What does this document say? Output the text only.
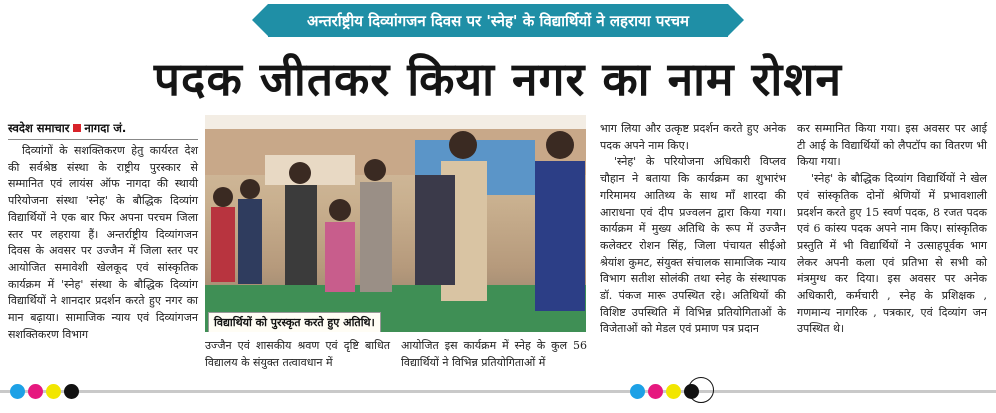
अन्तर्राष्ट्रीय दिव्यांगजन दिवस पर 'स्नेह' के विद्यार्थियों ने लहराया परचम
पदक जीतकर किया नगर का नाम रोशन
स्वदेश समाचार नागदा जं.

दिव्यांगों के सशक्तिकरण हेतु कार्यरत देश की सर्वश्रेष्ठ संस्था के राष्ट्रीय पुरस्कार से सम्मानित एवं लायंस ऑफ नागदा की स्थायी परियोजना संस्था 'स्नेह' के बौद्धिक दिव्यांग विद्यार्थियों ने एक बार फिर अपना परचम जिला स्तर पर लहराया हैं। अन्तर्राष्ट्रीय दिव्यांगजन दिवस के अवसर पर उज्जैन में जिला स्तर पर आयोजित समावेशी खेलकूद एवं सांस्कृतिक कार्यक्रम में 'स्नेह' संस्था के बौद्धिक दिव्यांग विद्यार्थियों ने शानदार प्रदर्शन करते हुए नगर का मान बढ़ाया। सामाजिक न्याय एवं दिव्यांगजन सशक्तिकरण विभाग

विद्यार्थियों को पुरस्कृत करते हुए अतिथि।

उज्जैन एवं शासकीय श्रवण एवं दृष्टि बाधित विद्यालय के संयुक्त तत्वावधान में

आयोजित इस कार्यक्रम में स्नेह के कुल 56 विद्यार्थियों ने विभिन्न प्रतियोगिताओं में

भाग लिया और उत्कृष्ट प्रदर्शन करते हुए अनेक पदक अपने नाम किए।

'स्नेह' के परियोजना अधिकारी विप्लव चौहान ने बताया कि कार्यक्रम का शुभारंभ गरिमामय आतिथ्य के साथ माँ शारदा की आराधना एवं दीप प्रज्वलन द्वारा किया गया। कार्यक्रम में मुख्य अतिथि के रूप में उज्जैन कलेक्टर रोशन सिंह, जिला पंचायत सीईओ श्रेयांश कुमट, संयुक्त संचालक सामाजिक न्याय विभाग सतीश सोलंकी तथा स्नेह के संस्थापक डॉ. पंकज मारू उपस्थित रहे। अतिथियों की विशिष्ट उपस्थिति में विभिन्न प्रतियोगिताओं के विजेताओं को मेडल एवं प्रमाण पत्र प्रदान

कर सम्मानित किया गया। इस अवसर पर आई टी आई के विद्यार्थियों को लैपटॉप का वितरण भी किया गया।

'स्नेह' के बौद्धिक दिव्यांग विद्यार्थियों ने खेल एवं सांस्कृतिक दोनों श्रेणियों में प्रभावशाली प्रदर्शन करते हुए 15 स्वर्ण पदक, 8 रजत पदक एवं 6 कांस्य पदक अपने नाम किए। सांस्कृतिक प्रस्तुति में भी विद्यार्थियों ने उत्साहपूर्वक भाग लेकर अपनी कला एवं प्रतिभा से सभी को मंत्रमुग्ध कर दिया। इस अवसर पर अनेक अधिकारी, कर्मचारी , स्नेह के प्रशिक्षक , गणमान्य नागरिक , पत्रकार, एवं दिव्यांग जन उपस्थित थे।
